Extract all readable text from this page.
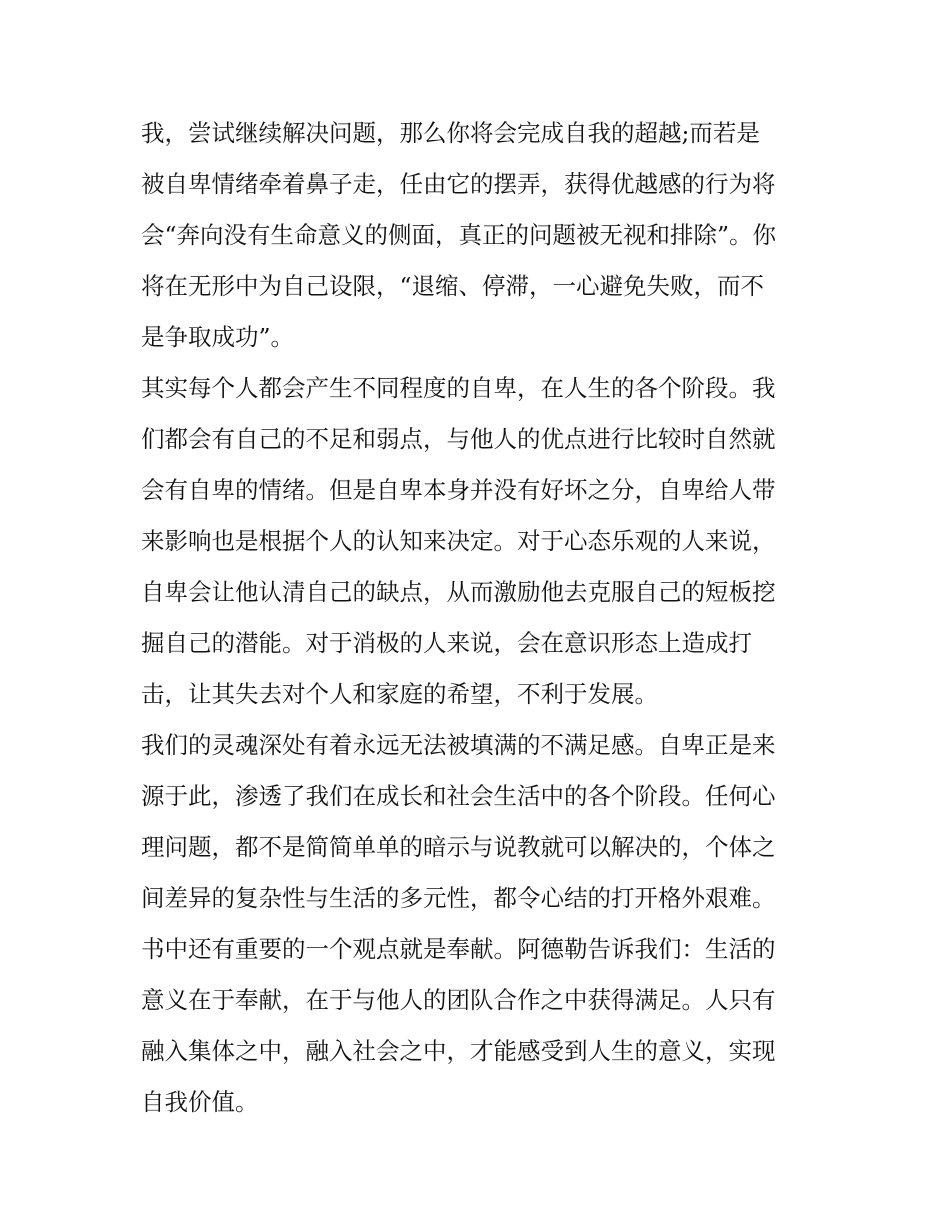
我，尝试继续解决问题，那么你将会完成自我的超越;而若是

被自卑情绪牵着鼻子走，任由它的摆弄，获得优越感的行为将

会“奔向没有生命意义的侧面，真正的问题被无视和排除”。你

将在无形中为自己设限，“退缩、停滞，一心避免失败，而不

是争取成功”。

其实每个人都会产生不同程度的自卑，在人生的各个阶段。我

们都会有自己的不足和弱点，与他人的优点进行比较时自然就

会有自卑的情绪。但是自卑本身并没有好坏之分，自卑给人带

来影响也是根据个人的认知来决定。对于心态乐观的人来说，

自卑会让他认清自己的缺点，从而激励他去克服自己的短板挖

掘自己的潜能。对于消极的人来说，会在意识形态上造成打

击，让其失去对个人和家庭的希望，不利于发展。

我们的灵魂深处有着永远无法被填满的不满足感。自卑正是来

源于此，渗透了我们在成长和社会生活中的各个阶段。任何心

理问题，都不是简简单单的暗示与说教就可以解决的，个体之

间差异的复杂性与生活的多元性，都令心结的打开格外艰难。

书中还有重要的一个观点就是奉献。阿德勒告诉我们：生活的

意义在于奉献，在于与他人的团队合作之中获得满足。人只有

融入集体之中，融入社会之中，才能感受到人生的意义，实现

自我价值。
